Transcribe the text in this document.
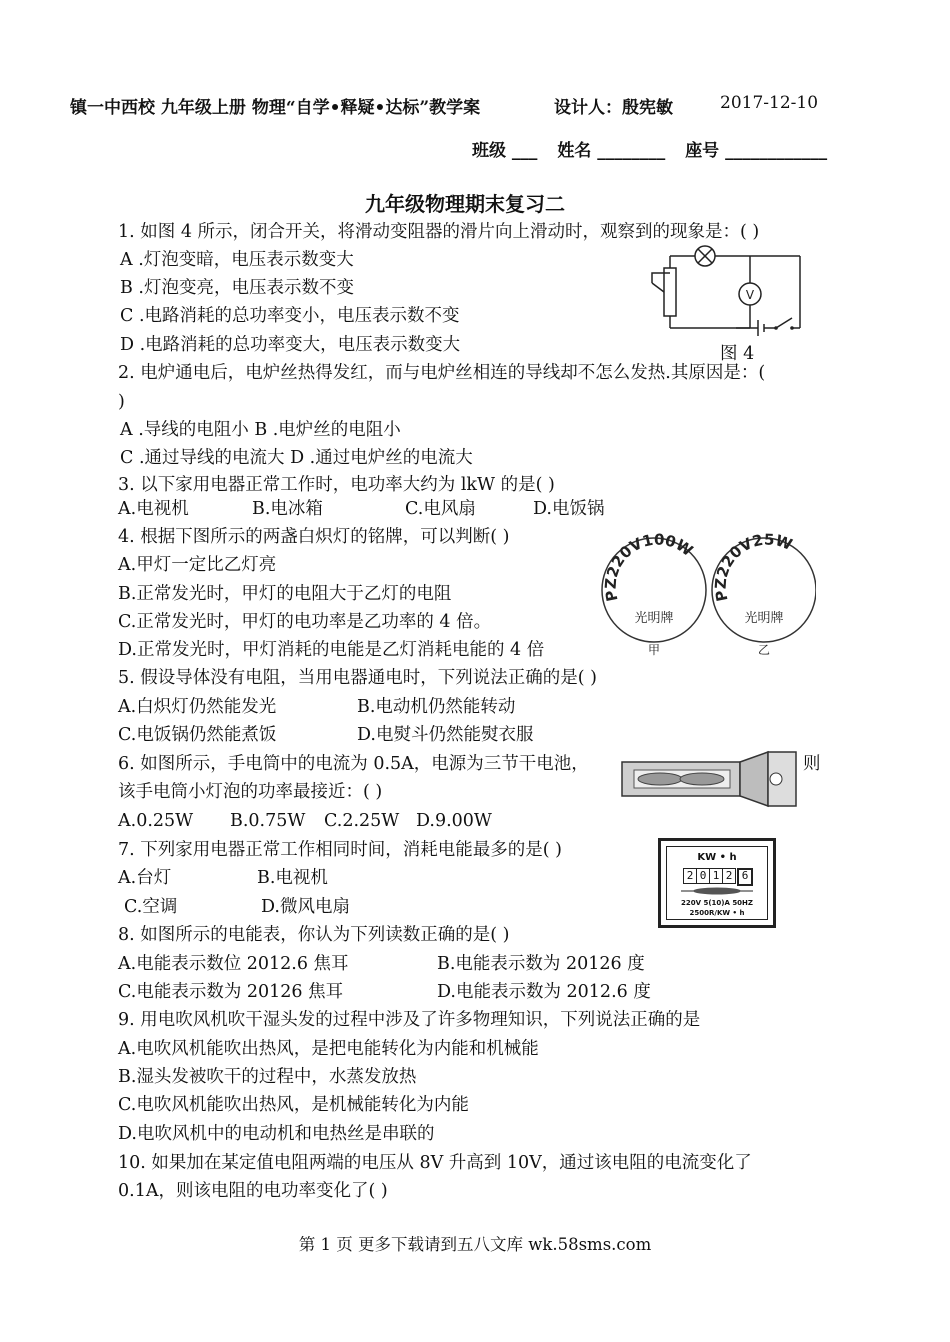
镇一中西校 九年级上册 物理“自学•释疑•达标”教学案	设计人：殷宪敏	2017-12-10
班级 ___ 姓名 ________ 座号 ____________
九年级物理期末复习二
1. 如图 4 所示，闭合开关，将滑动变阻器的滑片向上滑动时，观察到的现象是：( )
A .灯泡变暗，电压表示数变大
B .灯泡变亮，电压表示数不变
C .电路消耗的总功率变小，电压表示数不变
D .电路消耗的总功率变大，电压表示数变大
V
图 4
2. 电炉通电后，电炉丝热得发红，而与电炉丝相连的导线却不怎么发热.其原因是：(
)
A .导线的电阻小 B .电炉丝的电阻小
C .通过导线的电流大 D .通过电炉丝的电流大
3. 以下家用电器正常工作时，电功率大约为 lkW 的是( )
A.电视机	B.电冰箱	C.电风扇	D.电饭锅
4. 根据下图所示的两盏白炽灯的铭牌，可以判断( )
A.甲灯一定比乙灯亮
B.正常发光时，甲灯的电阻大于乙灯的电阻
C.正常发光时，甲灯的电功率是乙功率的 4 倍。
D.正常发光时，甲灯消耗的电能是乙灯消耗电能的 4 倍
PZ220V100W
PZ220V25W
光明牌	光明牌
甲	乙
5. 假设导体没有电阻，当用电器通电时，下列说法正确的是( )
A.白炽灯仍然能发光	B.电动机仍然能转动
C.电饭锅仍然能煮饭	D.电熨斗仍然能熨衣服
6. 如图所示，手电筒中的电流为 0.5A，电源为三节干电池，	则
该手电筒小灯泡的功率最接近：( )
A.0.25W B.0.75W C.2.25W D.9.00W
7. 下列家用电器正常工作相同时间，消耗电能最多的是( )
A.台灯	B.电视机
C.空调	D.微风电扇
KW • h
2 0 1 2 6
220V 5(10)A 50HZ
2500R/KW • h
8. 如图所示的电能表，你认为下列读数正确的是( )
A.电能表示数位 2012.6 焦耳	B.电能表示数为 20126 度
C.电能表示数为 20126 焦耳	D.电能表示数为 2012.6 度
9. 用电吹风机吹干湿头发的过程中涉及了许多物理知识，下列说法正确的是
A.电吹风机能吹出热风，是把电能转化为内能和机械能
B.湿头发被吹干的过程中，水蒸发放热
C.电吹风机能吹出热风，是机械能转化为内能
D.电吹风机中的电动机和电热丝是串联的
10. 如果加在某定值电阻两端的电压从 8V 升高到 10V，通过该电阻的电流变化了
0.1A，则该电阻的电功率变化了( )
第 1 页 更多下载请到五八文库 wk.58sms.com
